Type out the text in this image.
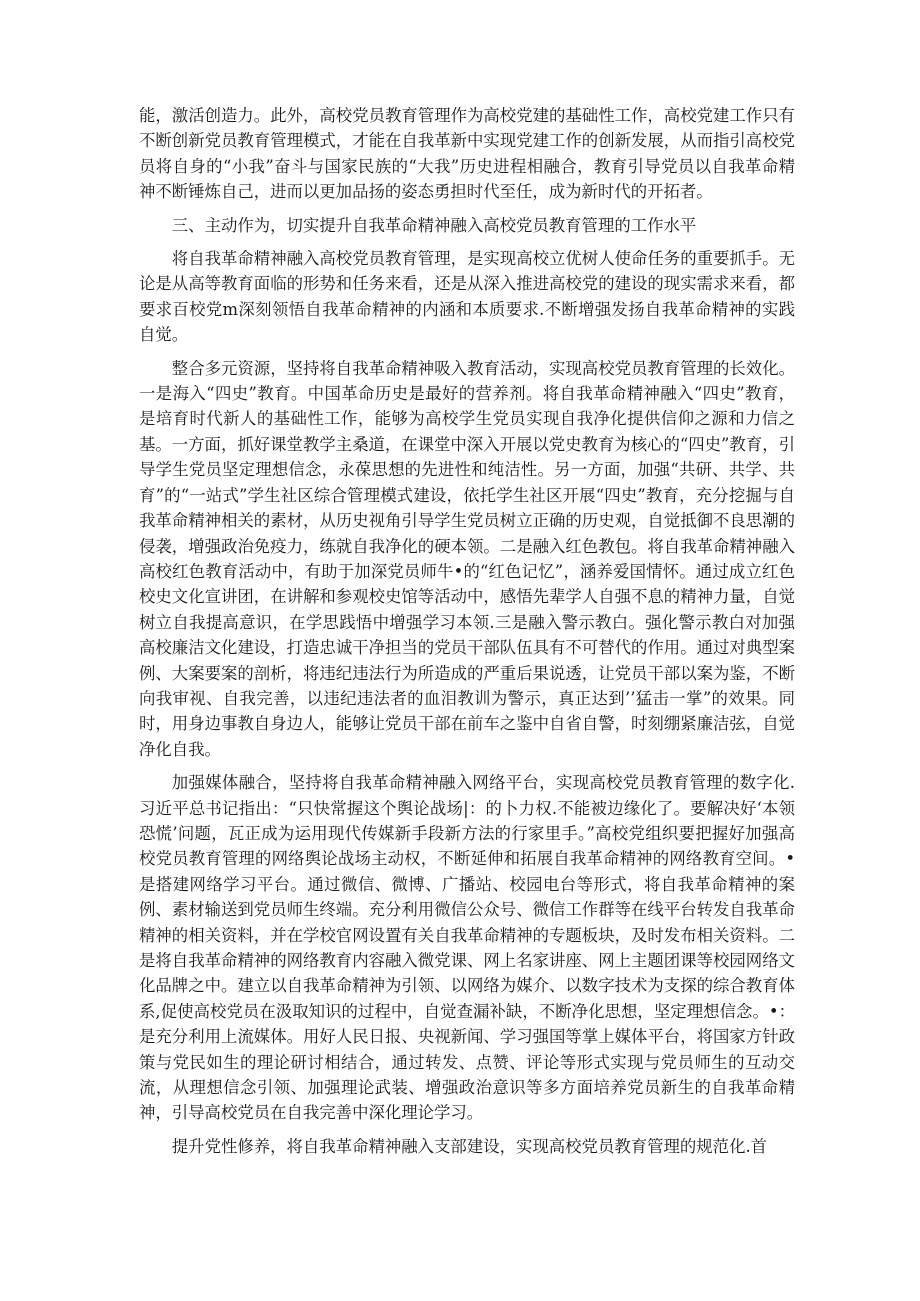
能，激活创造力。此外，高校党员教育管理作为高校党建的基础性工作，高校党建工作只有不断创新党员教育管理模式，才能在自我革新中实现党建工作的创新发展，从而指引高校党员将自身的“小我”奋斗与国家民族的“大我”历史进程相融合，教育引导党员以自我革命精神不断锤炼自己，进而以更加品扬的姿态勇担时代至任，成为新时代的开拓者。

三、主动作为，切实提升自我革命精神融入高校党员教育管理的工作水平

将自我革命精神融入高校党员教育管理，是实现高校立优树人使命任务的重要抓手。无论是从高等教育面临的形势和任务来看，还是从深入推进高校党的建设的现实需求来看，都要求百校党m深刻领悟自我革命精神的内涵和本质要求.不断增强发扬自我革命精神的实践自觉。

整合多元资源，坚持将自我革命精神吸入教育活动，实现高校党员教育管理的长效化。一是海入“四史”教育。中国革命历史是最好的营养剂。将自我革命精神融入“四史”教育，是培育时代新人的基础性工作，能够为高校学生党员实现自我净化提供信仰之源和力信之基。一方面，抓好课堂教学主桑道，在课堂中深入开展以党史教育为核心的“四史”教育，引导学生党员坚定理想信念，永葆思想的先进性和纯洁性。另一方面，加强“共研、共学、共育”的“一站式”学生社区综合管理模式建设，依托学生社区开展“四史”教育，充分挖掘与自我革命精神相关的素材，从历史视角引导学生党员树立正确的历史观，自觉抵御不良思潮的侵袭，增强政治免疫力，练就自我净化的硬本领。二是融入红色教包。将自我革命精神融入高校红色教育活动中，有助于加深党员师牛•的“红色记忆”，涵养爱国情怀。通过成立红色校史文化宣讲团，在讲解和参观校史馆等活动中，感悟先辈学人自强不息的精神力量，自觉树立自我提高意识，在学思践悟中增强学习本领.三是融入警示教白。强化警示教白对加强高校廉洁文化建设，打造忠诚干净担当的党员干部队伍具有不可替代的作用。通过对典型案例、大案要案的剖析，将违纪违法行为所造成的严重后果说透，让党员干部以案为鉴，不断向我审视、自我完善，以违纪违法者的血泪教训为警示，真正达到’’猛击一掌”的效果。同时，用身边事教自身边人，能够让党员干部在前车之鉴中自省自警，时刻绷紧廉洁弦，自觉净化自我。

加强媒体融合，坚持将自我革命精神融入网络平台，实现高校党员教育管理的数字化.习近平总书记指出：“只快常握这个舆论战场|：的卜力权.不能被边缘化了。要解决好‘本领恐慌’问题，瓦正成为运用现代传媒新手段新方法的行家里手。”高校党组织要把握好加强高校党员教育管理的网络舆论战场主动权，不断延伸和拓展自我革命精神的网络教育空间。•是搭建网络学习平台。通过微信、微博、广播站、校园电台等形式，将自我革命精神的案例、素材输送到党员师生终端。充分利用微信公众号、微信工作群等在线平台转发自我革命精神的相关资料，并在学校官网设置有关自我革命精神的专题板块，及时发布相关资料。二是将自我革命精神的网络教育内容融入微党课、网上名家讲座、网上主题团课等校园网络文化品牌之中。建立以自我革命精神为引领、以网络为媒介、以数字技术为支探的综合教育体系,促使高校党员在汲取知识的过程中，自觉查漏补缺，不断净化思想，坚定理想信念。•：是充分利用上流媒体。用好人民日报、央视新闻、学习强国等掌上媒体平台，将国家方针政策与党民如生的理论研讨相结合，通过转发、点赞、评论等形式实现与党员师生的互动交流，从理想信念引领、加强理论武装、增强政治意识等多方面培养党员新生的自我革命精神，引导高校党员在自我完善中深化理论学习。

提升党性修养，将自我革命精神融入支部建设，实现高校党员教育管理的规范化.首
